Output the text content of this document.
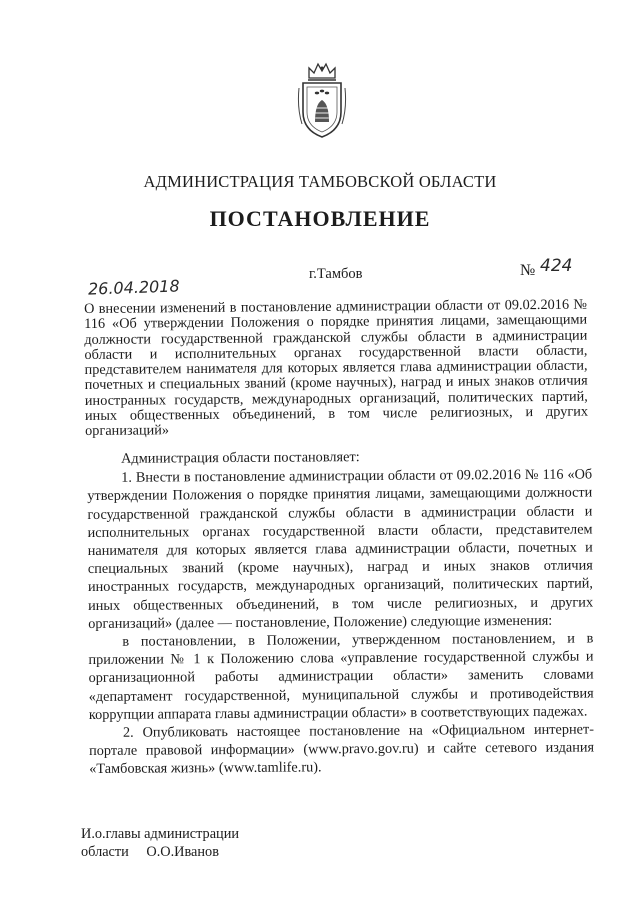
АДМИНИСТРАЦИЯ ТАМБОВСКОЙ ОБЛАСТИ
ПОСТАНОВЛЕНИЕ
26.04.2018
г.Тамбов	№ 424
О внесении изменений в постановление администрации области от 09.02.2016 № 116 «Об утверждении Положения о порядке принятия лицами, замещающими должности государственной гражданской службы области в администрации области и исполнительных органах государственной власти области, представителем нанимателя для которых является глава администрации области, почетных и специальных званий (кроме научных), наград и иных знаков отличия иностранных государств, международных организаций, политических партий, иных общественных объединений, в том числе религиозных, и других организаций»

Администрация области постановляет:

1. Внести в постановление администрации области от 09.02.2016 № 116 «Об утверждении Положения о порядке принятия лицами, замещающими должности государственной гражданской службы области в администрации области и исполнительных органах государственной власти области, представителем нанимателя для которых является глава администрации области, почетных и специальных званий (кроме научных), наград и иных знаков отличия иностранных государств, международных организаций, политических партий, иных общественных объединений, в том числе религиозных, и других организаций» (далее — постановление, Положение) следующие изменения:

в постановлении, в Положении, утвержденном постановлением, и в приложении № 1 к Положению слова «управление государственной службы и организационной работы администрации области» заменить словами «департамент государственной, муниципальной службы и противодействия коррупции аппарата главы администрации области» в соответствующих падежах.

2. Опубликовать настоящее постановление на «Официальном интернет-портале правовой информации» (www.pravo.gov.ru) и сайте сетевого издания «Тамбовская жизнь» (www.tamlife.ru).

И.о.главы администрации
области О.О.Иванов
